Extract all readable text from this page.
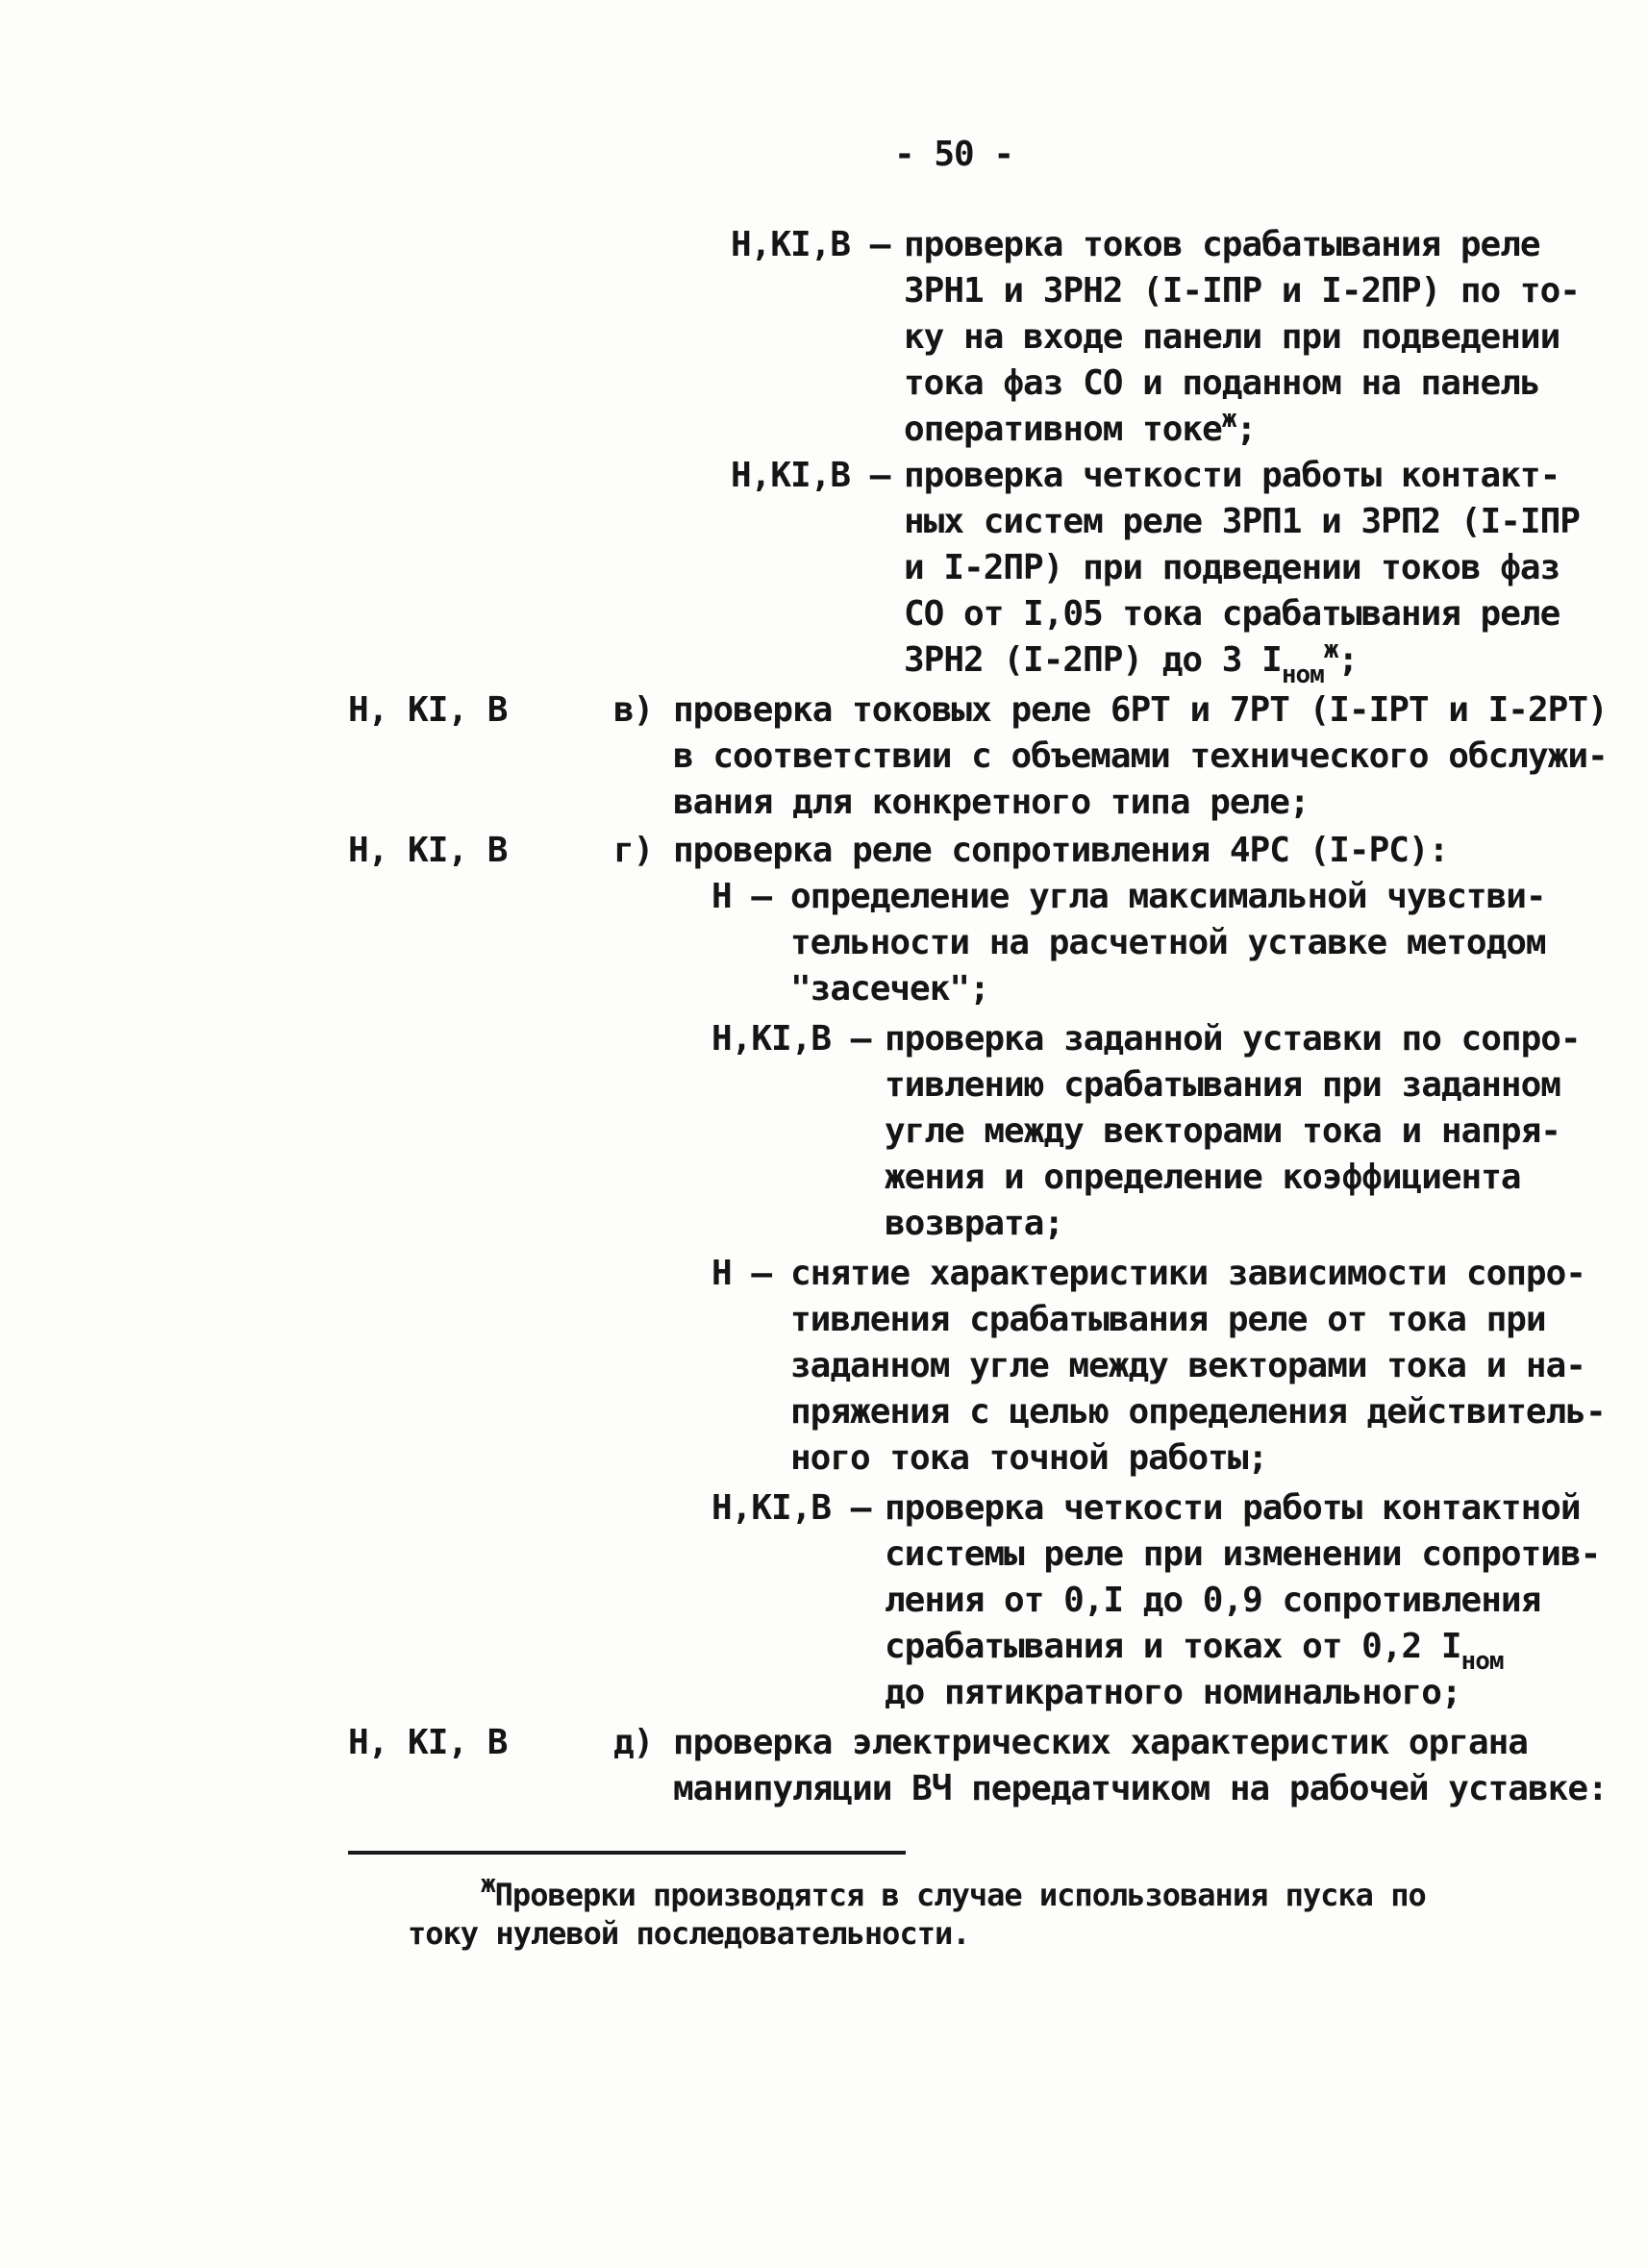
- 50 -
Н,КI,В – проверка токов срабатывания реле
ЗРН1 и ЗРН2 (I-IПР и I-2ПР) по то-
ку на входе панели при подведении
тока фаз СО и поданном на панель
оперативном токе$^ж$;
Н,КI,В – проверка четкости работы контакт-
ных систем реле ЗРП1 и ЗРП2 (I-IПР
и I-2ПР) при подведении токов фаз
СО от I,05 тока срабатывания реле
ЗРН2 (I-2ПР) до 3 $I_{ном}^ж$;
Н, КI, В	в) проверка токовых реле 6РТ и 7РТ (I-IРТ и I-2РТ)
в соответствии с объемами технического обслужи-
вания для конкретного типа реле;
Н, КI, В	г) проверка реле сопротивления 4РС (I-РС):
Н – определение угла максимальной чувстви-
тельности на расчетной уставке методом
"засечек";
Н,КI,В – проверка заданной уставки по сопро-
тивлению срабатывания при заданном
угле между векторами тока и напря-
жения и определение коэффициента
возврата;
Н – снятие характеристики зависимости сопро-
тивления срабатывания реле от тока при
заданном угле между векторами тока и на-
пряжения с целью определения действитель-
ного тока точной работы;
Н,КI,В – проверка четкости работы контактной
системы реле при изменении сопротив-
ления от 0,I до 0,9 сопротивления
срабатывания и токах от 0,2 $I_{ном}$
до пятикратного номинального;
Н, КI, В	д) проверка электрических характеристик органа
манипуляции ВЧ передатчиком на рабочей уставке:
$^ж$Проверки производятся в случае использования пуска по
току нулевой последовательности.
